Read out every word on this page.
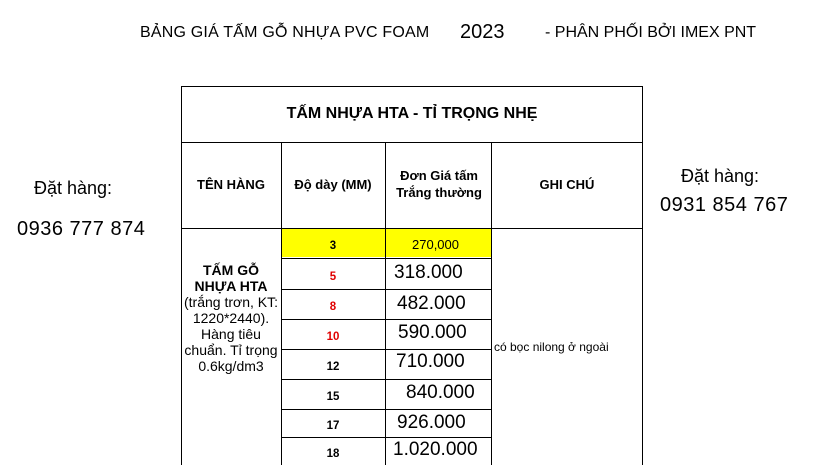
BẢNG GIÁ TẤM GỖ NHỰA PVC FOAM 2023	- PHÂN PHỐI BỞI IMEX PNT
Đặt hàng:
0936 777 874
Đặt hàng:
0931 854 767
TẤM NHỰA HTA - TỈ TRỌNG NHẸ
TÊN HÀNG	Độ dày (MM)
Đơn Giá tấm Trắng thường
GHI CHÚ
TẤM GỖ NHỰA HTA
(trắng trơn, KT: 1220*2440). Hàng tiêu chuẩn. Tỉ trọng 0.6kg/dm3
3
5
8
10
12
15
17
18
270,000
318.000
482.000
590.000
710.000
840.000
926.000
1.020.000
có bọc nilong ở ngoài
